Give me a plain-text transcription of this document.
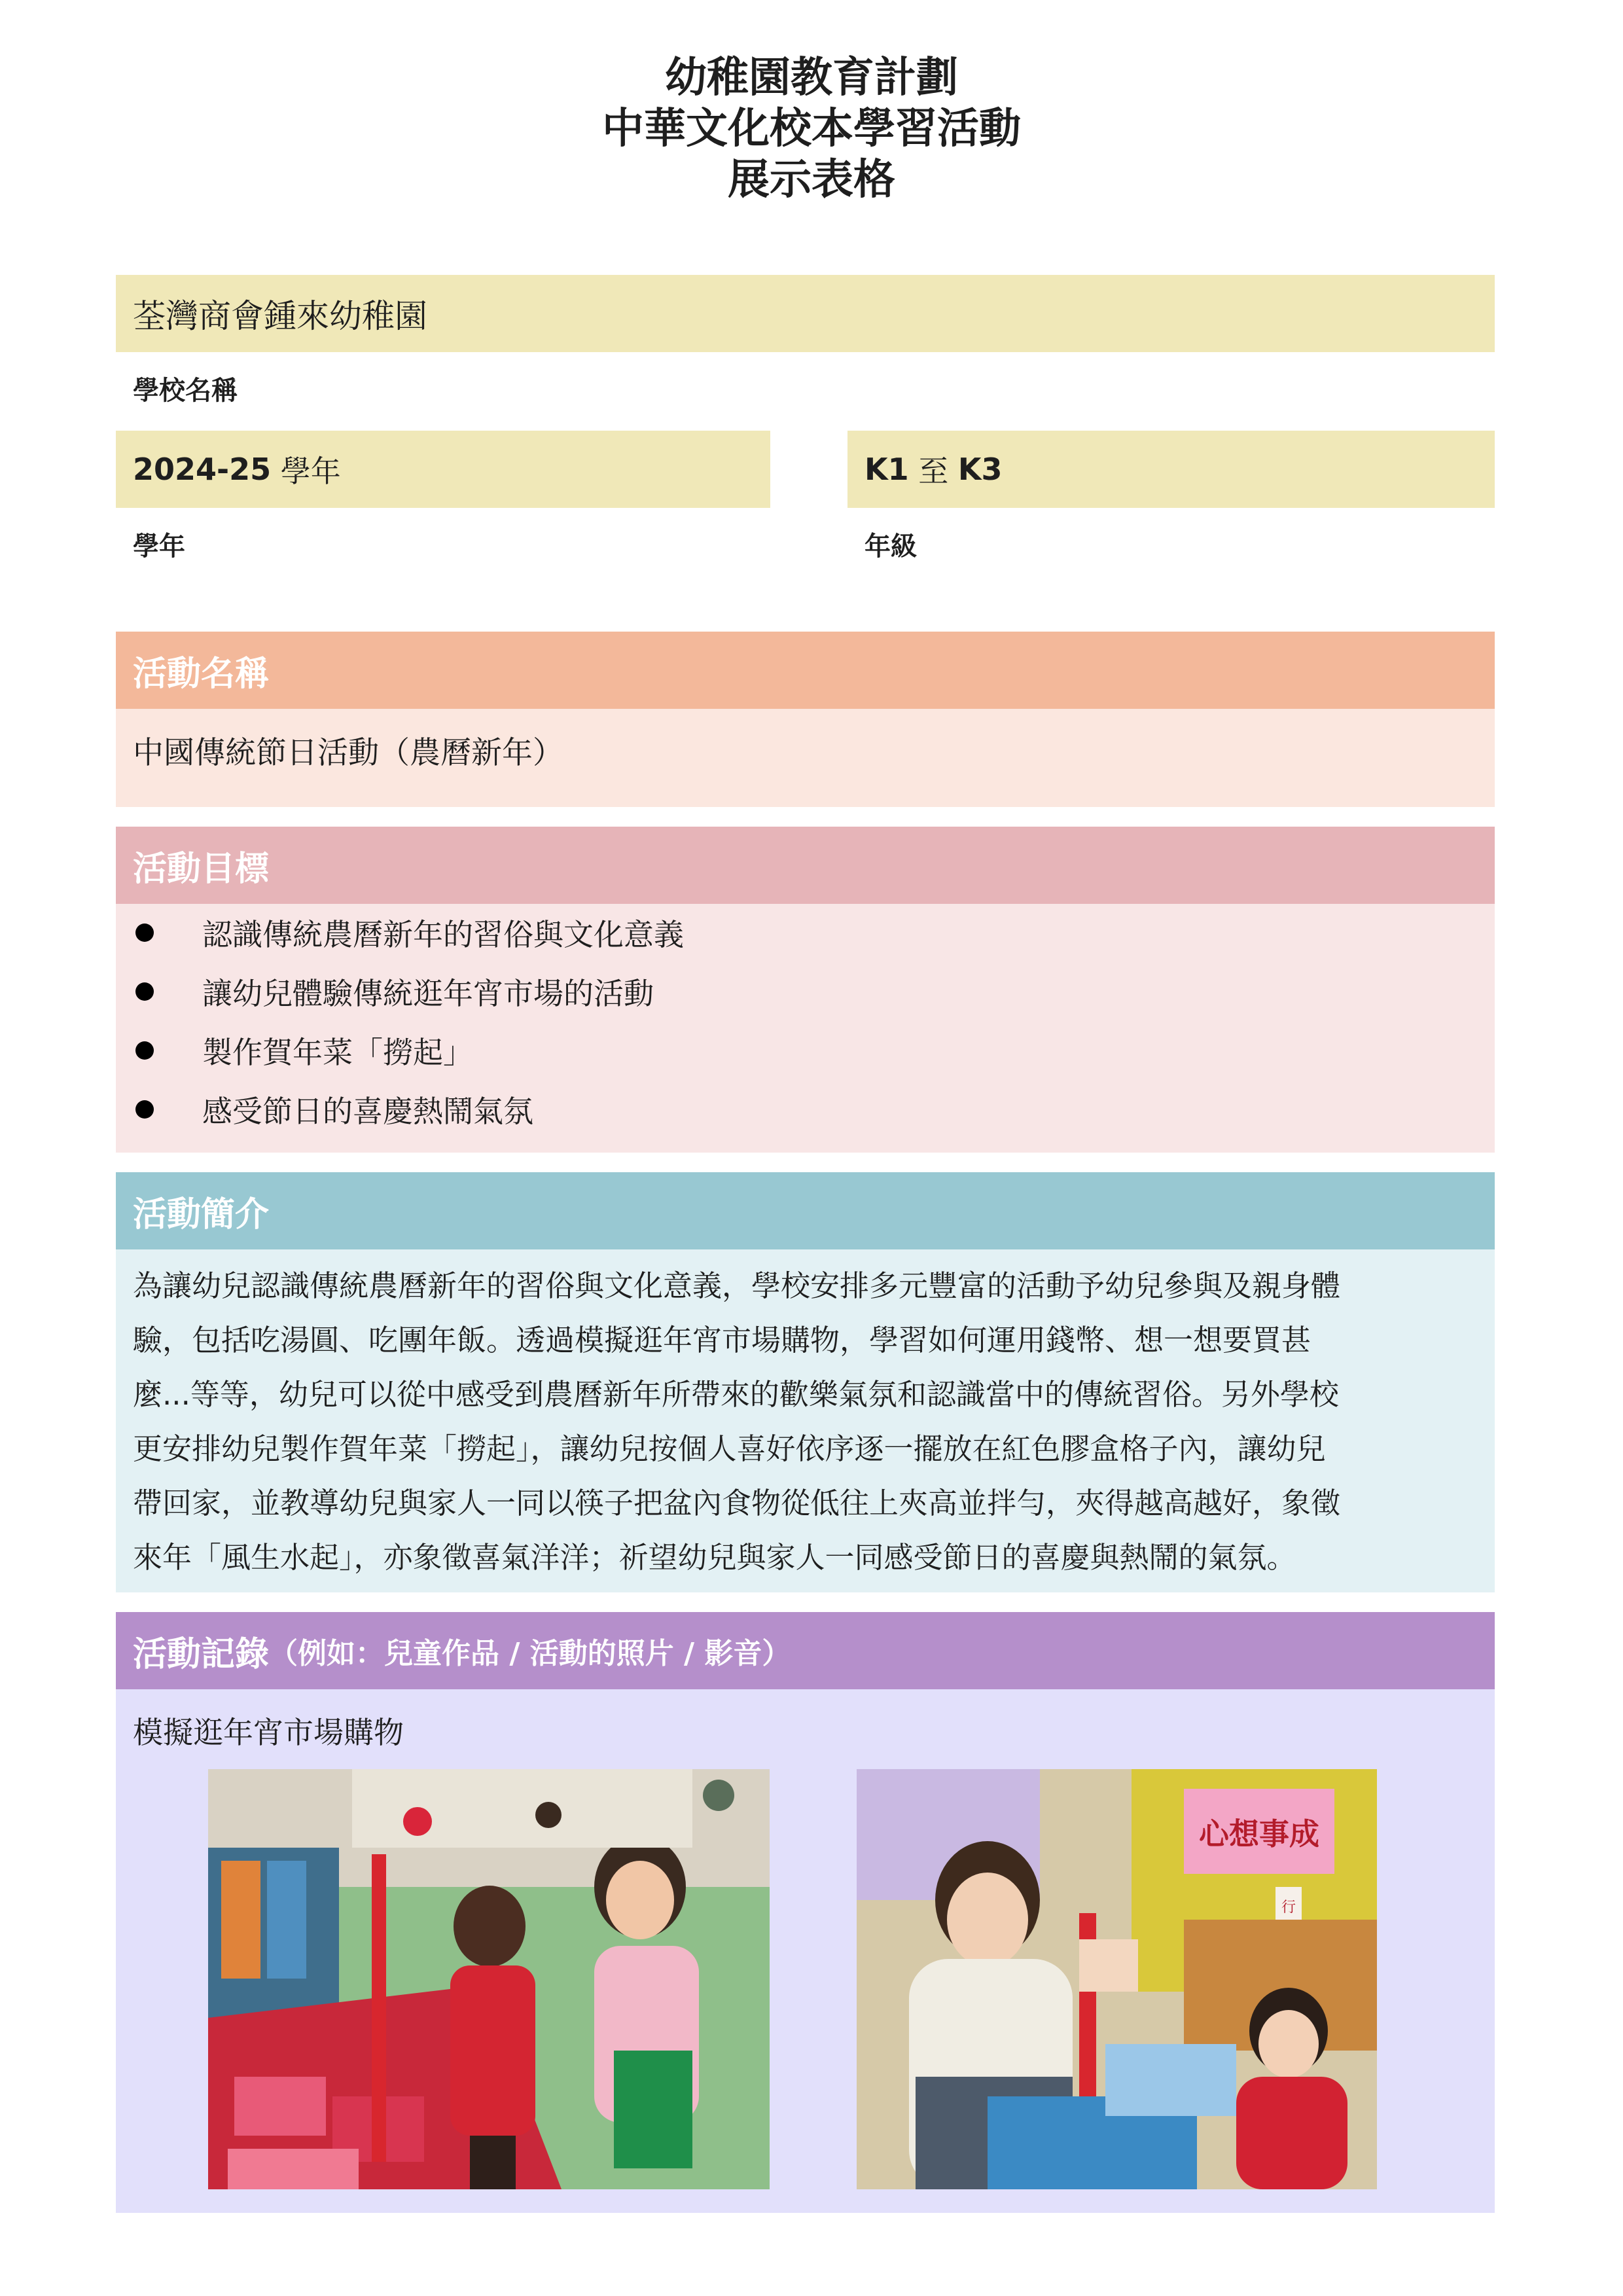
幼稚園教育計劃
中華文化校本學習活動
展示表格
荃灣商會鍾來幼稚園
學校名稱
2024-25 學年
學年
K1 至 K3
年級
活動名稱
中國傳統節日活動（農曆新年）
活動目標
認識傳統農曆新年的習俗與文化意義
讓幼兒體驗傳統逛年宵市場的活動
製作賀年菜「撈起」
感受節日的喜慶熱鬧氣氛
活動簡介
為讓幼兒認識傳統農曆新年的習俗與文化意義，學校安排多元豐富的活動予幼兒參與及親身體
驗，包括吃湯圓、吃團年飯。透過模擬逛年宵市場購物，學習如何運用錢幣、想一想要買甚
麼...等等，幼兒可以從中感受到農曆新年所帶來的歡樂氣氛和認識當中的傳統習俗。另外學校
更安排幼兒製作賀年菜「撈起」，讓幼兒按個人喜好依序逐一擺放在紅色膠盒格子內，讓幼兒
帶回家，並教導幼兒與家人一同以筷子把盆內食物從低往上夾高並拌勻，夾得越高越好，象徵
來年「風生水起」，亦象徵喜氣洋洋；祈望幼兒與家人一同感受節日的喜慶與熱鬧的氣氛。
活動記錄 （例如：兒童作品 / 活動的照片 / 影音）
模擬逛年宵市場購物
心想事成
行
